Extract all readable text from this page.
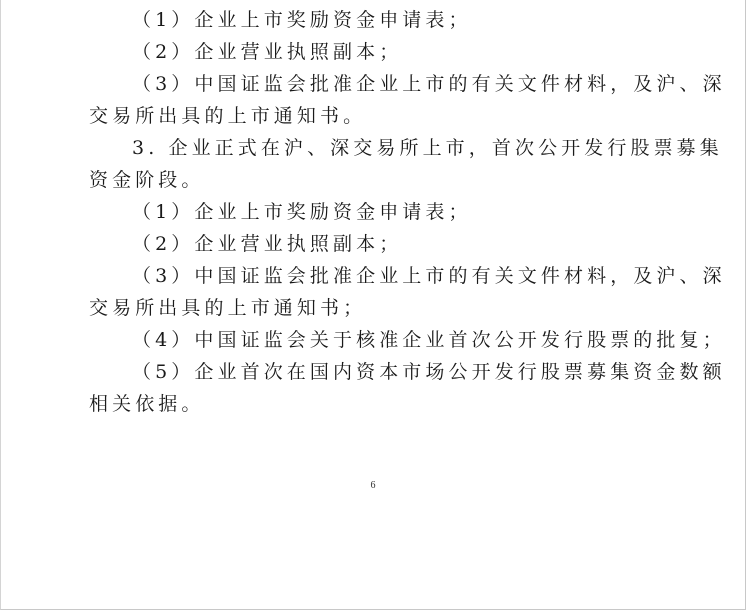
（1）企业上市奖励资金申请表；
（2）企业营业执照副本；
（3）中国证监会批准企业上市的有关文件材料，及沪、深
交易所出具的上市通知书。
3. 企业正式在沪、深交易所上市，首次公开发行股票募集
资金阶段。
（1）企业上市奖励资金申请表；
（2）企业营业执照副本；
（3）中国证监会批准企业上市的有关文件材料，及沪、深
交易所出具的上市通知书；
（4）中国证监会关于核准企业首次公开发行股票的批复；
（5）企业首次在国内资本市场公开发行股票募集资金数额
相关依据。
6
